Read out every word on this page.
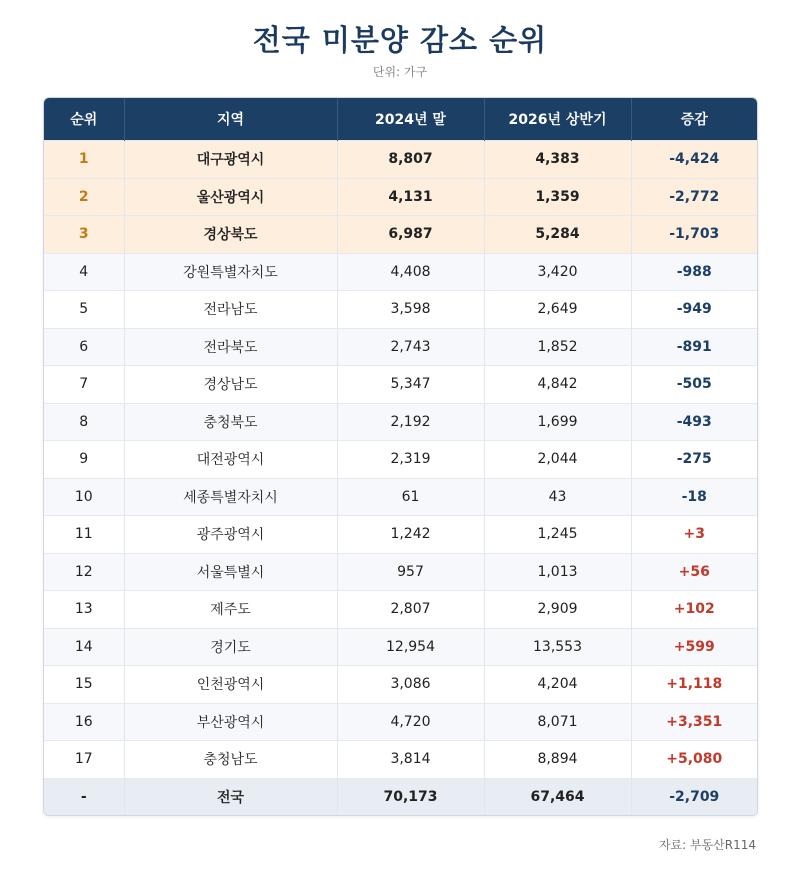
전국 미분양 감소 순위
단위: 가구
순위	지역	2024년 말	2026년 상반기	증감
1	대구광역시	8,807	4,383	-4,424
2	울산광역시	4,131	1,359	-2,772
3	경상북도	6,987	5,284	-1,703
4	강원특별자치도	4,408	3,420	-988
5	전라남도	3,598	2,649	-949
6	전라북도	2,743	1,852	-891
7	경상남도	5,347	4,842	-505
8	충청북도	2,192	1,699	-493
9	대전광역시	2,319	2,044	-275
10	세종특별자치시	61	43	-18
11	광주광역시	1,242	1,245	+3
12	서울특별시	957	1,013	+56
13	제주도	2,807	2,909	+102
14	경기도	12,954	13,553	+599
15	인천광역시	3,086	4,204	+1,118
16	부산광역시	4,720	8,071	+3,351
17	충청남도	3,814	8,894	+5,080
-	전국	70,173	67,464	-2,709
자료: 부동산R114
